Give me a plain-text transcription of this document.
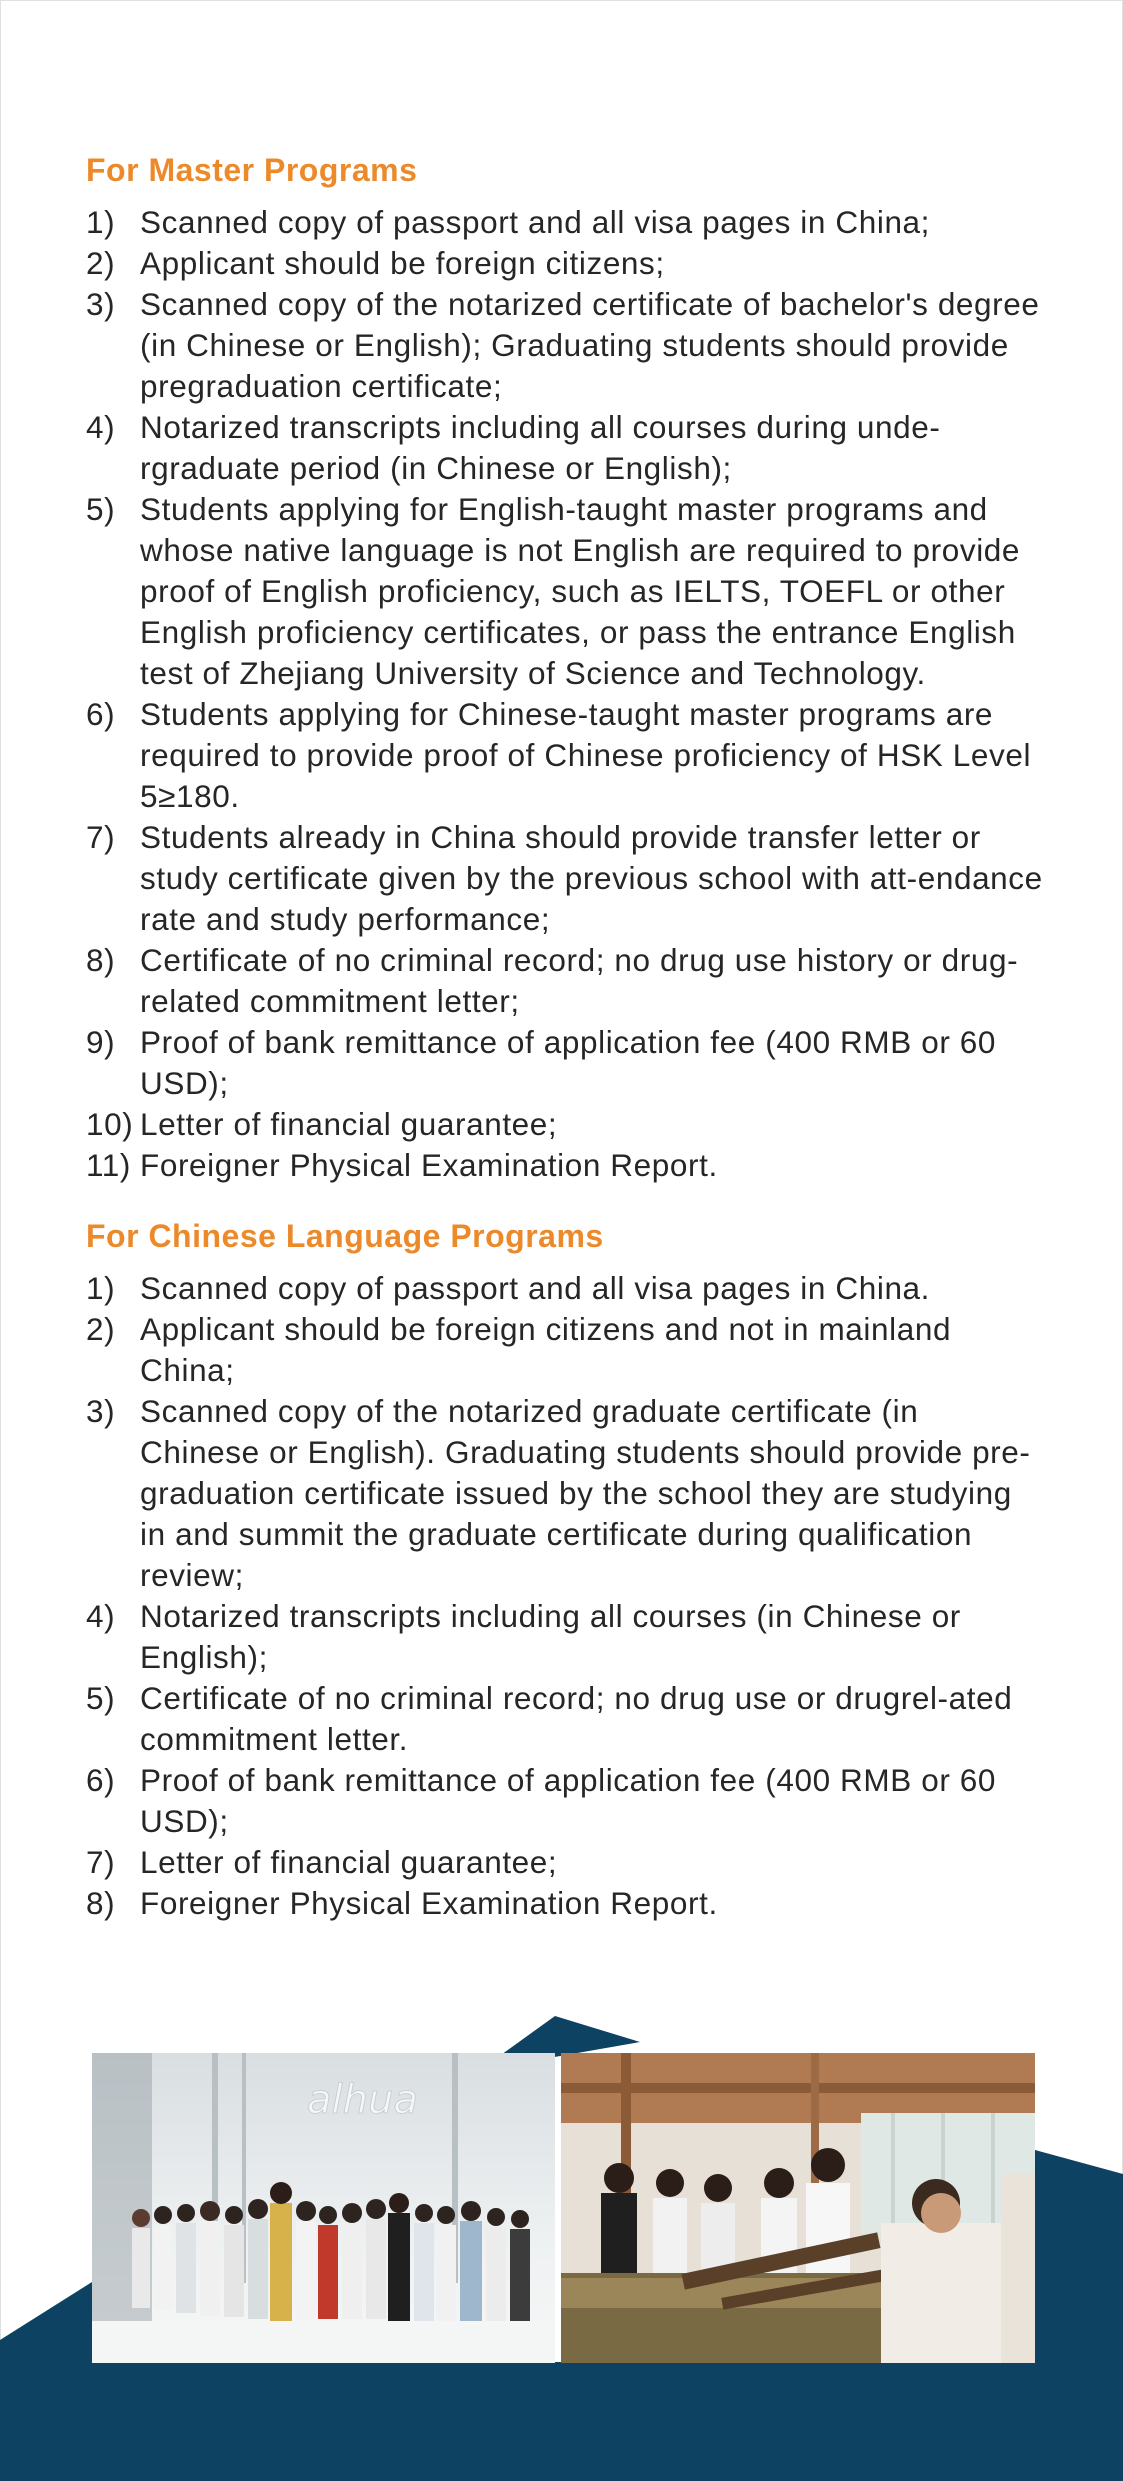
For Master Programs
1) Scanned copy of passport and all visa pages in China;
2) Applicant should be foreign citizens;
3) Scanned copy of the notarized certificate of bachelor's degree (in Chinese or English); Graduating students should provide pregraduation certificate;
4) Notarized transcripts including all courses during unde-rgraduate period (in Chinese or English);
5) Students applying for English-taught master programs and whose native language is not English are required to provide proof of English proficiency, such as IELTS, TOEFL or other English proficiency certificates, or pass the entrance English test of Zhejiang University of Science and Technology.
6) Students applying for Chinese-taught master programs are required to provide proof of Chinese proficiency of HSK Level 5≥180.
7) Students already in China should provide transfer letter or study certificate given by the previous school with att-endance rate and study performance;
8) Certificate of no criminal record; no drug use history or drug-related commitment letter;
9) Proof of bank remittance of application fee (400 RMB or 60 USD);
10) Letter of financial guarantee;
11) Foreigner Physical Examination Report.
For Chinese Language Programs
1) Scanned copy of passport and all visa pages in China.
2) Applicant should be foreign citizens and not in mainland China;
3) Scanned copy of the notarized graduate certificate (in Chinese or English). Graduating students should provide pre-graduation certificate issued by the school they are studying in and summit the graduate certificate during qualification review;
4) Notarized transcripts including all courses (in Chinese or English);
5) Certificate of no criminal record; no drug use or drugrel-ated commitment letter.
6) Proof of bank remittance of application fee (400 RMB or 60 USD);
7) Letter of financial guarantee;
8) Foreigner Physical Examination Report.
alhua
